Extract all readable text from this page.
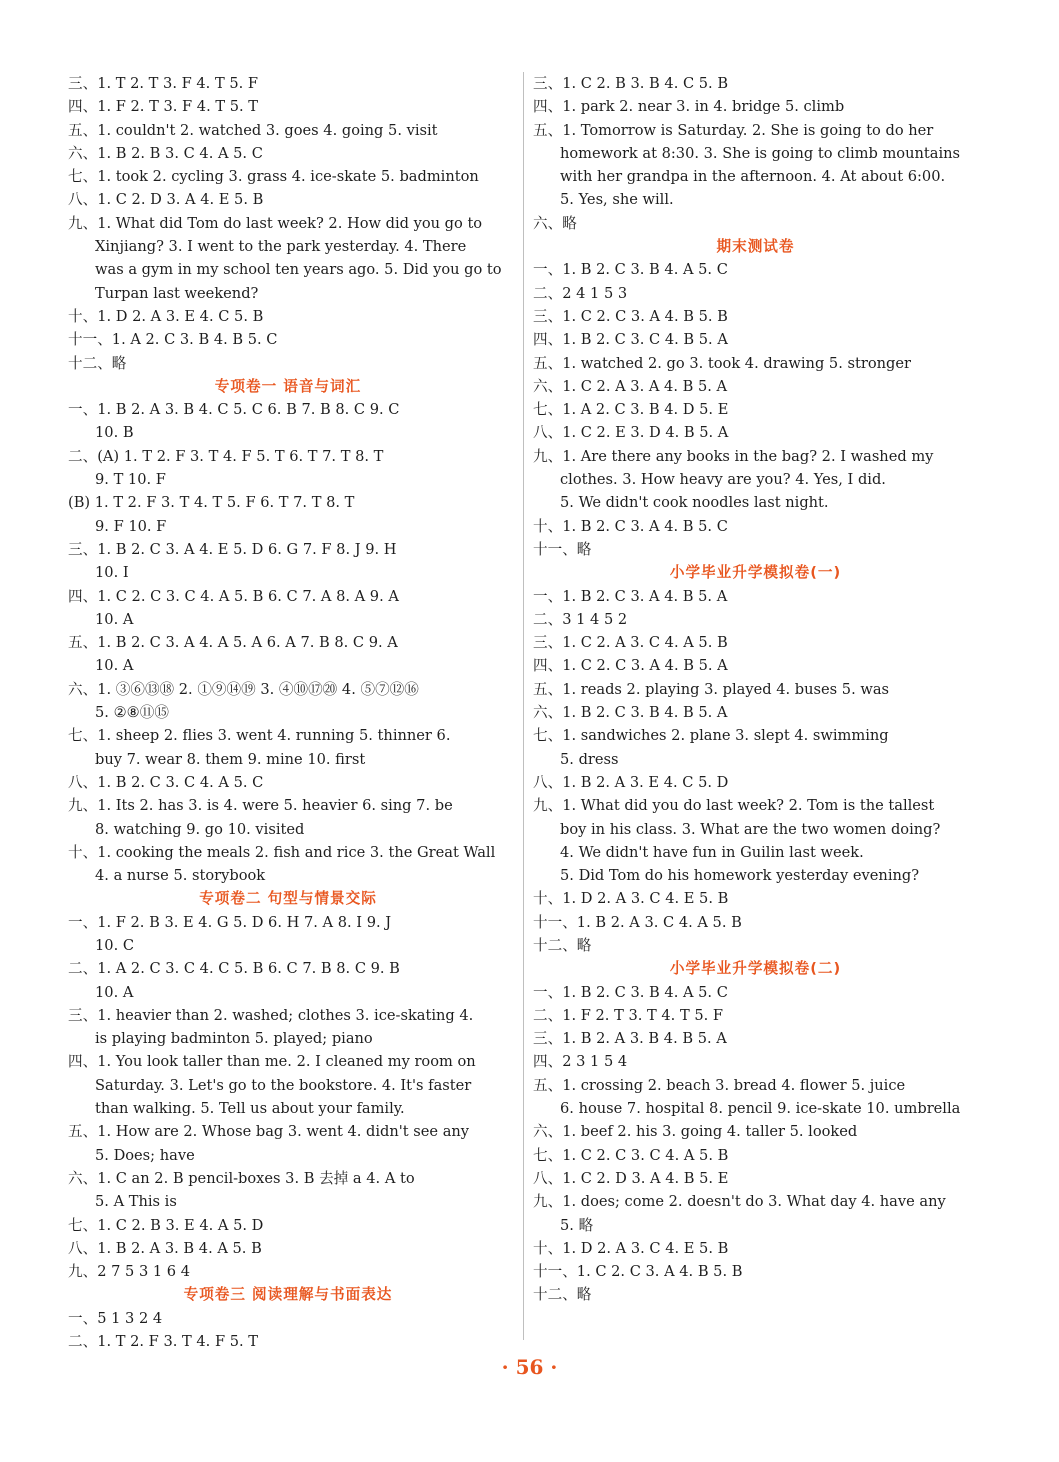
三、1. T 2. T 3. F 4. T 5. F
四、1. F 2. T 3. F 4. T 5. T
五、1. couldn't 2. watched 3. goes 4. going 5. visit
六、1. B 2. B 3. C 4. A 5. C
七、1. took 2. cycling 3. grass 4. ice-skate 5. badminton
八、1. C 2. D 3. A 4. E 5. B
九、1. What did Tom do last week? 2. How did you go to
Xinjiang? 3. I went to the park yesterday. 4. There
was a gym in my school ten years ago. 5. Did you go to
Turpan last weekend?
十、1. D 2. A 3. E 4. C 5. B
十一、1. A 2. C 3. B 4. B 5. C
十二、略
专项卷一 语音与词汇
一、1. B 2. A 3. B 4. C 5. C 6. B 7. B 8. C 9. C
10. B
二、(A) 1. T 2. F 3. T 4. F 5. T 6. T 7. T 8. T
9. T 10. F
(B) 1. T 2. F 3. T 4. T 5. F 6. T 7. T 8. T
9. F 10. F
三、1. B 2. C 3. A 4. E 5. D 6. G 7. F 8. J 9. H
10. I
四、1. C 2. C 3. C 4. A 5. B 6. C 7. A 8. A 9. A
10. A
五、1. B 2. C 3. A 4. A 5. A 6. A 7. B 8. C 9. A
10. A
六、1. ③⑥⑬⑱ 2. ①⑨⑭⑲ 3. ④⑩⑰⑳ 4. ⑤⑦⑫⑯
5. ②⑧⑪⑮
七、1. sheep 2. flies 3. went 4. running 5. thinner 6.
buy 7. wear 8. them 9. mine 10. first
八、1. B 2. C 3. C 4. A 5. C
九、1. Its 2. has 3. is 4. were 5. heavier 6. sing 7. be
8. watching 9. go 10. visited
十、1. cooking the meals 2. fish and rice 3. the Great Wall
4. a nurse 5. storybook
专项卷二 句型与情景交际
一、1. F 2. B 3. E 4. G 5. D 6. H 7. A 8. I 9. J
10. C
二、1. A 2. C 3. C 4. C 5. B 6. C 7. B 8. C 9. B
10. A
三、1. heavier than 2. washed; clothes 3. ice-skating 4.
is playing badminton 5. played; piano
四、1. You look taller than me. 2. I cleaned my room on
Saturday. 3. Let's go to the bookstore. 4. It's faster
than walking. 5. Tell us about your family.
五、1. How are 2. Whose bag 3. went 4. didn't see any
5. Does; have
六、1. C an 2. B pencil-boxes 3. B 去掉 a 4. A to
5. A This is
七、1. C 2. B 3. E 4. A 5. D
八、1. B 2. A 3. B 4. A 5. B
九、2 7 5 3 1 6 4
专项卷三 阅读理解与书面表达
一、5 1 3 2 4
二、1. T 2. F 3. T 4. F 5. T
三、1. C 2. B 3. B 4. C 5. B
四、1. park 2. near 3. in 4. bridge 5. climb
五、1. Tomorrow is Saturday. 2. She is going to do her
homework at 8:30. 3. She is going to climb mountains
with her grandpa in the afternoon. 4. At about 6:00.
5. Yes, she will.
六、略
期末测试卷
一、1. B 2. C 3. B 4. A 5. C
二、2 4 1 5 3
三、1. C 2. C 3. A 4. B 5. B
四、1. B 2. C 3. C 4. B 5. A
五、1. watched 2. go 3. took 4. drawing 5. stronger
六、1. C 2. A 3. A 4. B 5. A
七、1. A 2. C 3. B 4. D 5. E
八、1. C 2. E 3. D 4. B 5. A
九、1. Are there any books in the bag? 2. I washed my
clothes. 3. How heavy are you? 4. Yes, I did.
5. We didn't cook noodles last night.
十、1. B 2. C 3. A 4. B 5. C
十一、略
小学毕业升学模拟卷(一)
一、1. B 2. C 3. A 4. B 5. A
二、3 1 4 5 2
三、1. C 2. A 3. C 4. A 5. B
四、1. C 2. C 3. A 4. B 5. A
五、1. reads 2. playing 3. played 4. buses 5. was
六、1. B 2. C 3. B 4. B 5. A
七、1. sandwiches 2. plane 3. slept 4. swimming
5. dress
八、1. B 2. A 3. E 4. C 5. D
九、1. What did you do last week? 2. Tom is the tallest
boy in his class. 3. What are the two women doing?
4. We didn't have fun in Guilin last week.
5. Did Tom do his homework yesterday evening?
十、1. D 2. A 3. C 4. E 5. B
十一、1. B 2. A 3. C 4. A 5. B
十二、略
小学毕业升学模拟卷(二)
一、1. B 2. C 3. B 4. A 5. C
二、1. F 2. T 3. T 4. T 5. F
三、1. B 2. A 3. B 4. B 5. A
四、2 3 1 5 4
五、1. crossing 2. beach 3. bread 4. flower 5. juice
6. house 7. hospital 8. pencil 9. ice-skate 10. umbrella
六、1. beef 2. his 3. going 4. taller 5. looked
七、1. C 2. C 3. C 4. A 5. B
八、1. C 2. D 3. A 4. B 5. E
九、1. does; come 2. doesn't do 3. What day 4. have any
5. 略
十、1. D 2. A 3. C 4. E 5. B
十一、1. C 2. C 3. A 4. B 5. B
十二、略
· 56 ·
